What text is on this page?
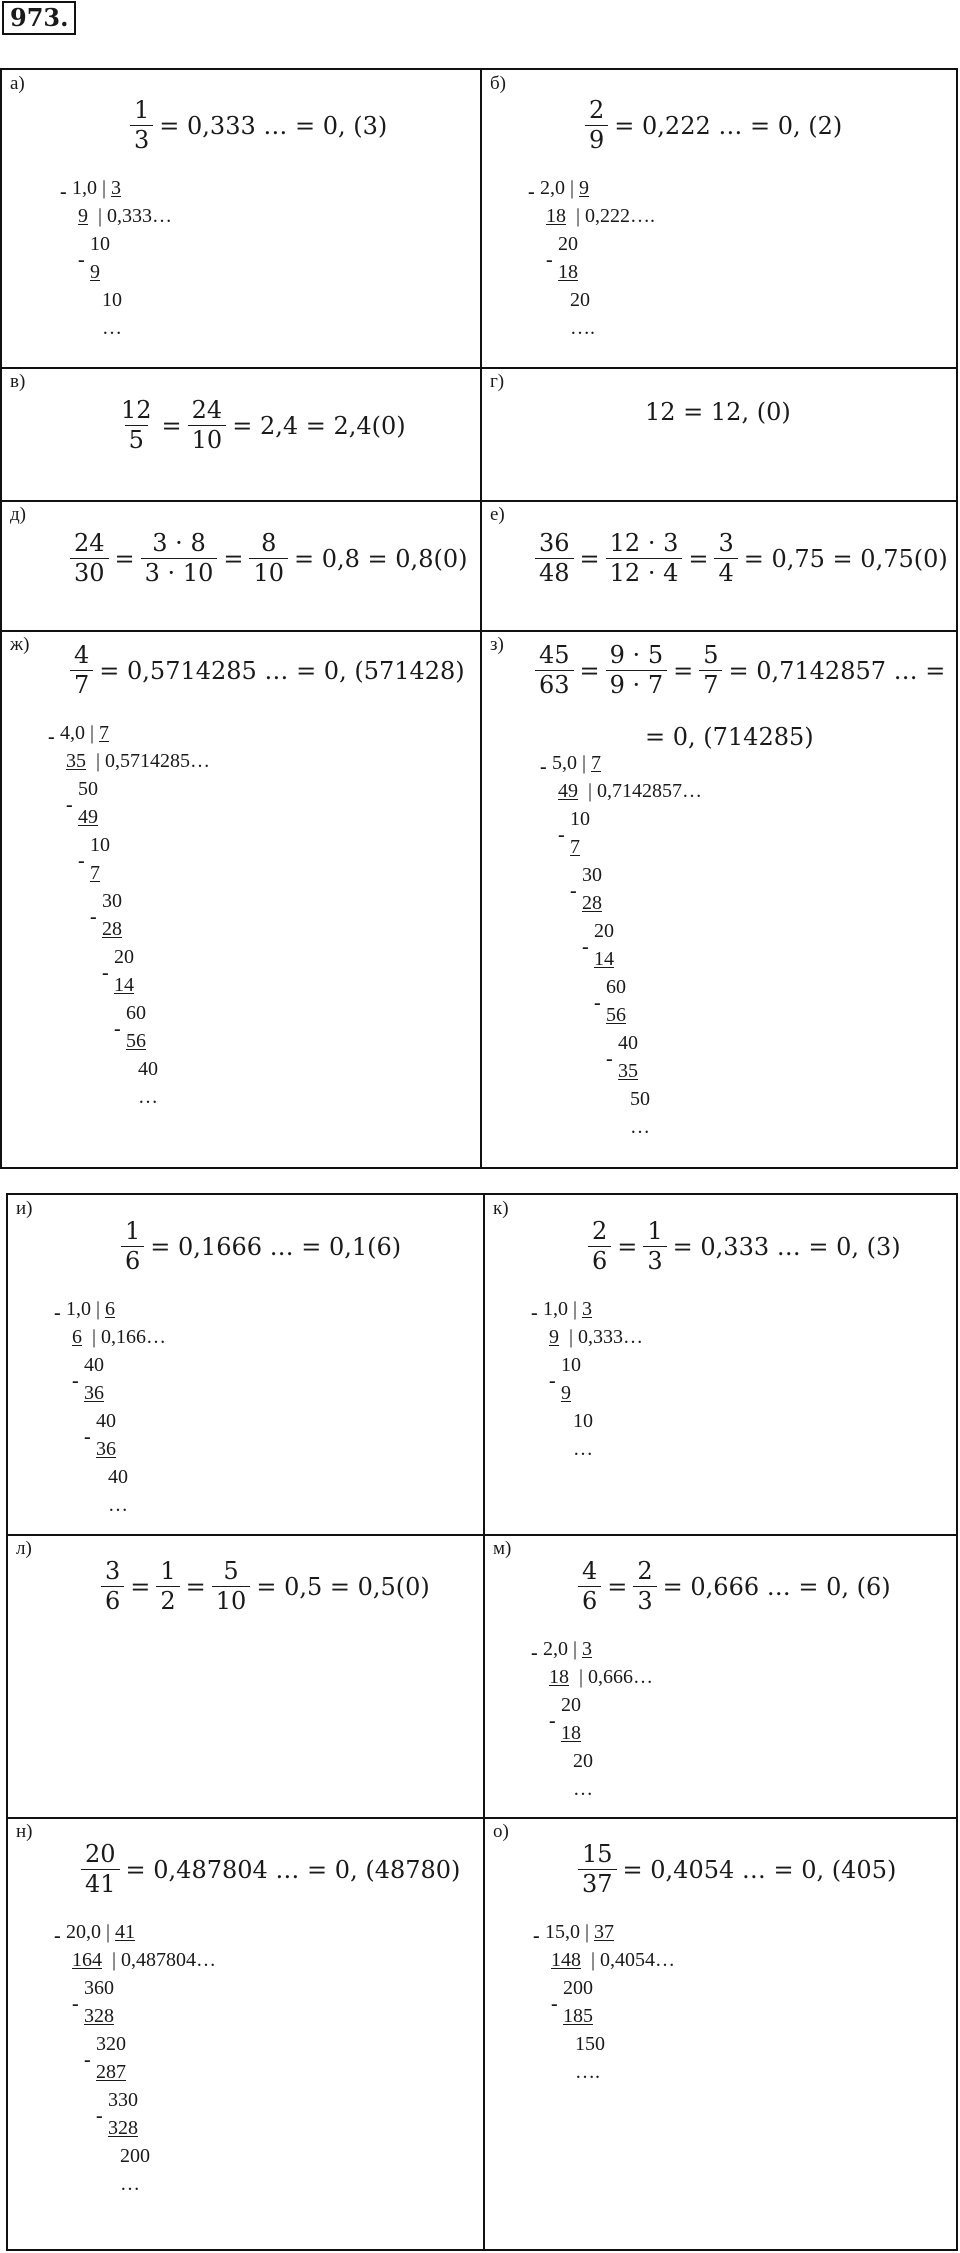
973.
а)
$\frac{1}{3} = 0,333$ … = 0, (3)
- 1,0 | 3
9  | 0,333…
10
9
-
10
…
б)
$\frac{2}{9} = 0,222$ … = 0, (2)
- 2,0 | 9
18  | 0,222….
20
18
-
20
….
в)
$\frac{12}{5} = \frac{24}{10} = 2,4 = 2,4(0)$
г)
12 = 12, (0)
д)
$\frac{24}{30} = \frac{3 \cdot 8}{3 \cdot 10} = \frac{8}{10} = 0,8 = 0,8(0)$
е)
$\frac{36}{48} = \frac{12 \cdot 3}{12 \cdot 4} = \frac{3}{4} = 0,75 = 0,75(0)$
$ж) \frac{4}{7} = 0,5714285$ … = 0, (571428)
- 4,0 | 7
35  | 0,5714285…
50
49
-
10
7
-
30
28
-
20
14
-
60
56
-
40
…
$з) \frac{45}{63} = \frac{9 \cdot 5}{9 \cdot 7} = \frac{5}{7} = 0,7142857$ … =
= 0, (714285)
- 5,0 | 7
49  | 0,7142857…
10
7
-
30
28
-
20
14
-
60
56
-
40
35
-
50
…
и)
$\frac{1}{6} = 0,1666$ … = 0,1(6)
- 1,0 | 6
6  | 0,166…
40
36
-
40
36
-
40
…
к)
$\frac{2}{6} = \frac{1}{3} = 0,333$ … = 0, (3)
- 1,0 | 3
9  | 0,333…
10
9
-
10
…
л)
$\frac{3}{6} = \frac{1}{2} = \frac{5}{10} = 0,5 = 0,5(0)$
м)
$\frac{4}{6} = \frac{2}{3} = 0,666$ … = 0, (6)
- 2,0 | 3
18  | 0,666…
20
18
-
20
…
н)
$\frac{20}{41} = 0,487804$ … = 0, (48780)
- 20,0 | 41
164  | 0,487804…
360
328
-
320
287
-
330
328
-
200
…
о)
$\frac{15}{37} = 0,4054$ … = 0, (405)
- 15,0 | 37
148  | 0,4054…
200
185
-
150
….
